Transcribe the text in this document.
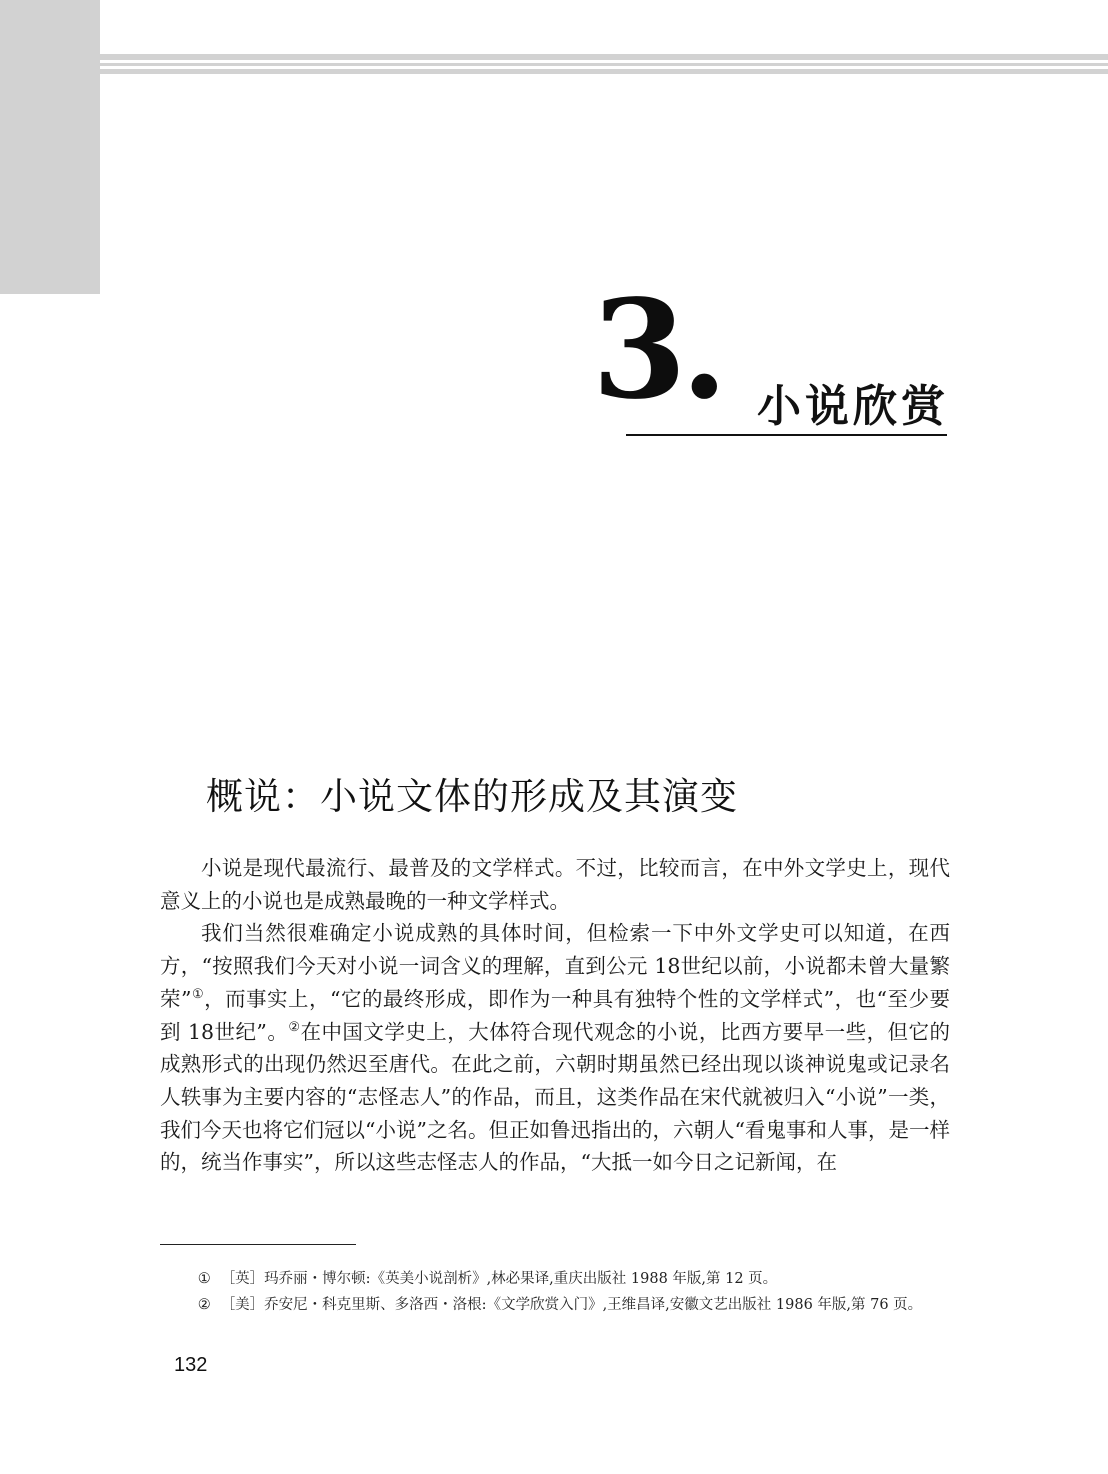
3. 小说欣赏
概说：小说文体的形成及其演变

小说是现代最流行、最普及的文学样式。不过，比较而言，在中外文学史上，现代意义上的小说也是成熟最晚的一种文学样式。

我们当然很难确定小说成熟的具体时间，但检索一下中外文学史可以知道，在西方，“按照我们今天对小说一词含义的理解，直到公元 18世纪以前，小说都未曾大量繁荣”①，而事实上，“它的最终形成，即作为一种具有独特个性的文学样式”，也“至少要到 18世纪”。②在中国文学史上，大体符合现代观念的小说，比西方要早一些，但它的成熟形式的出现仍然迟至唐代。在此之前，六朝时期虽然已经出现以谈神说鬼或记录名人轶事为主要内容的“志怪志人”的作品，而且，这类作品在宋代就被归入“小说”一类，我们今天也将它们冠以“小说”之名。但正如鲁迅指出的，六朝人“看鬼事和人事，是一样的，统当作事实”，所以这些志怪志人的作品，“大抵一如今日之记新闻，在

① ［英］玛乔丽・博尔顿:《英美小说剖析》,林必果译,重庆出版社 1988 年版,第 12 页。

② ［美］乔安尼・科克里斯、多洛西・洛根:《文学欣赏入门》,王维昌译,安徽文艺出版社 1986 年版,第 76 页。

132
